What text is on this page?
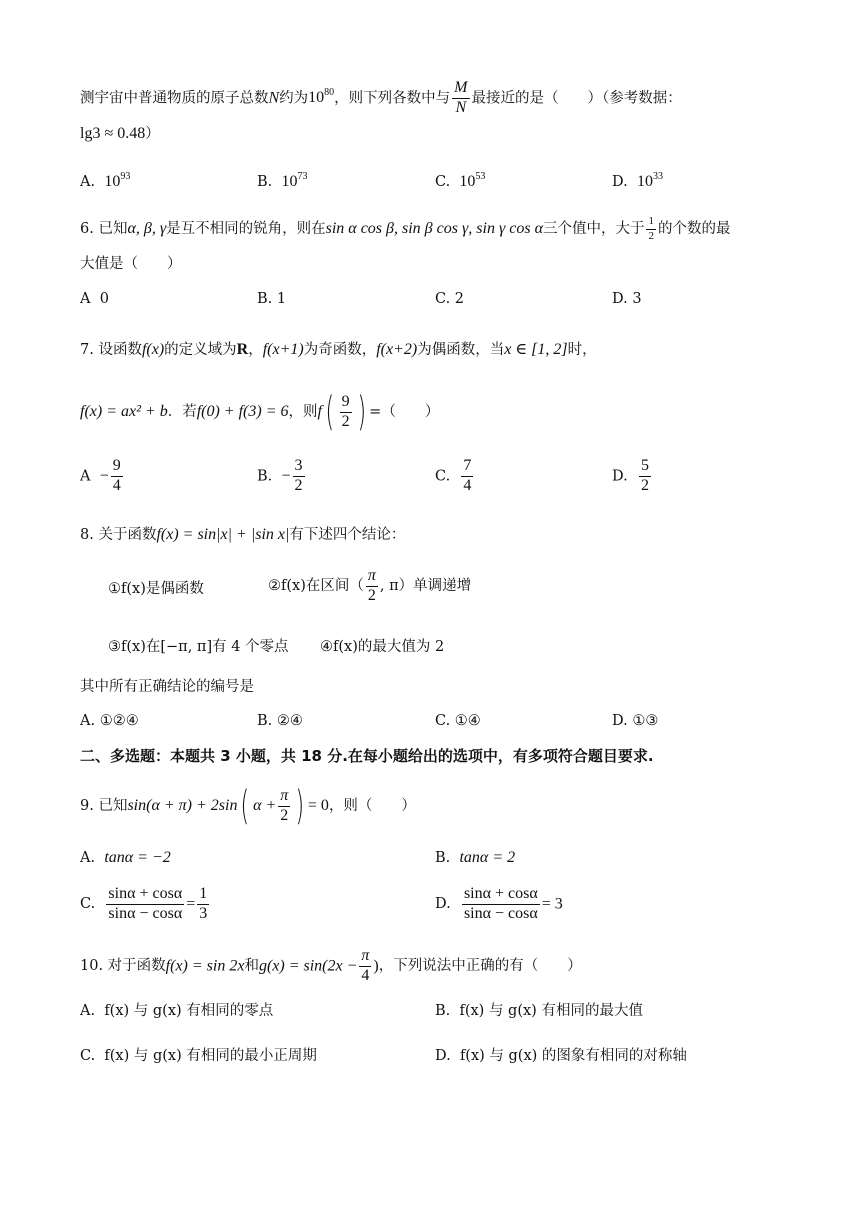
测宇宙中普通物质的原子总数N约为$10^{80}$，则下列各数中与 $\frac{M}{N}$ 最接近的是（　　）（参考数据：
lg3 ≈ 0.48）
A. $10^{93}$	B. $10^{73}$	C. $10^{53}$	D. $10^{33}$
6. 已知α, β, γ是互不相同的锐角，则在sin α cos β, sin β cos γ, sin γ cos α三个值中，大于 $\frac{1}{2}$ 的个数的最
大值是（　　）
A 0	B. 1	C. 2	D. 3
7. 设函数f(x)的定义域为R，f(x+1)为奇函数，f(x+2)为偶函数，当x ∈ [1, 2]时，
f(x) = ax² + b．若f(0) + f(3) = 6，则$f( \frac{9}{2}$ ) =（　　）
$A - \frac{9}{4}$	B. − $\frac{3}{2}$	C. $\frac{7}{4}$	D. $\frac{5}{2}$
8. 关于函数f(x) = sin|x| + |sin x|有下述四个结论：
①f(x)是偶函数	②f(x)在区间（ $\frac{\pi}{2}$ , π）单调递增
③f(x)在[−π, π]有 4 个零点 ④f(x)的最大值为 2
其中所有正确结论的编号是
A. ①②④	B. ②④	C. ①④	D. ①③
二、多选题：本题共 3 小题，共 18 分.在每小题给出的选项中，有多项符合题目要求.
9. 已知sin(α + π) + 2sin( $\alpha + \frac{\pi}{2}$ ) = 0，则（　　）
A. tanα = −2	B. tanα = 2
C. $\frac{\sin\alpha + \cos\alpha}{\sin\alpha - \cos\alpha} = \frac{1}{3}$	D. $\frac{\sin\alpha + \cos\alpha}{\sin\alpha - \cos\alpha} = 3$
10. 对于函数f(x) = sin 2x和$g(x) = \sin(2x - \frac{\pi}{4}$ )，下列说法中正确的有（　　）
A. f(x) 与 g(x) 有相同的零点	B. f(x) 与 g(x) 有相同的最大值
C. f(x) 与 g(x) 有相同的最小正周期	D. f(x) 与 g(x) 的图象有相同的对称轴
